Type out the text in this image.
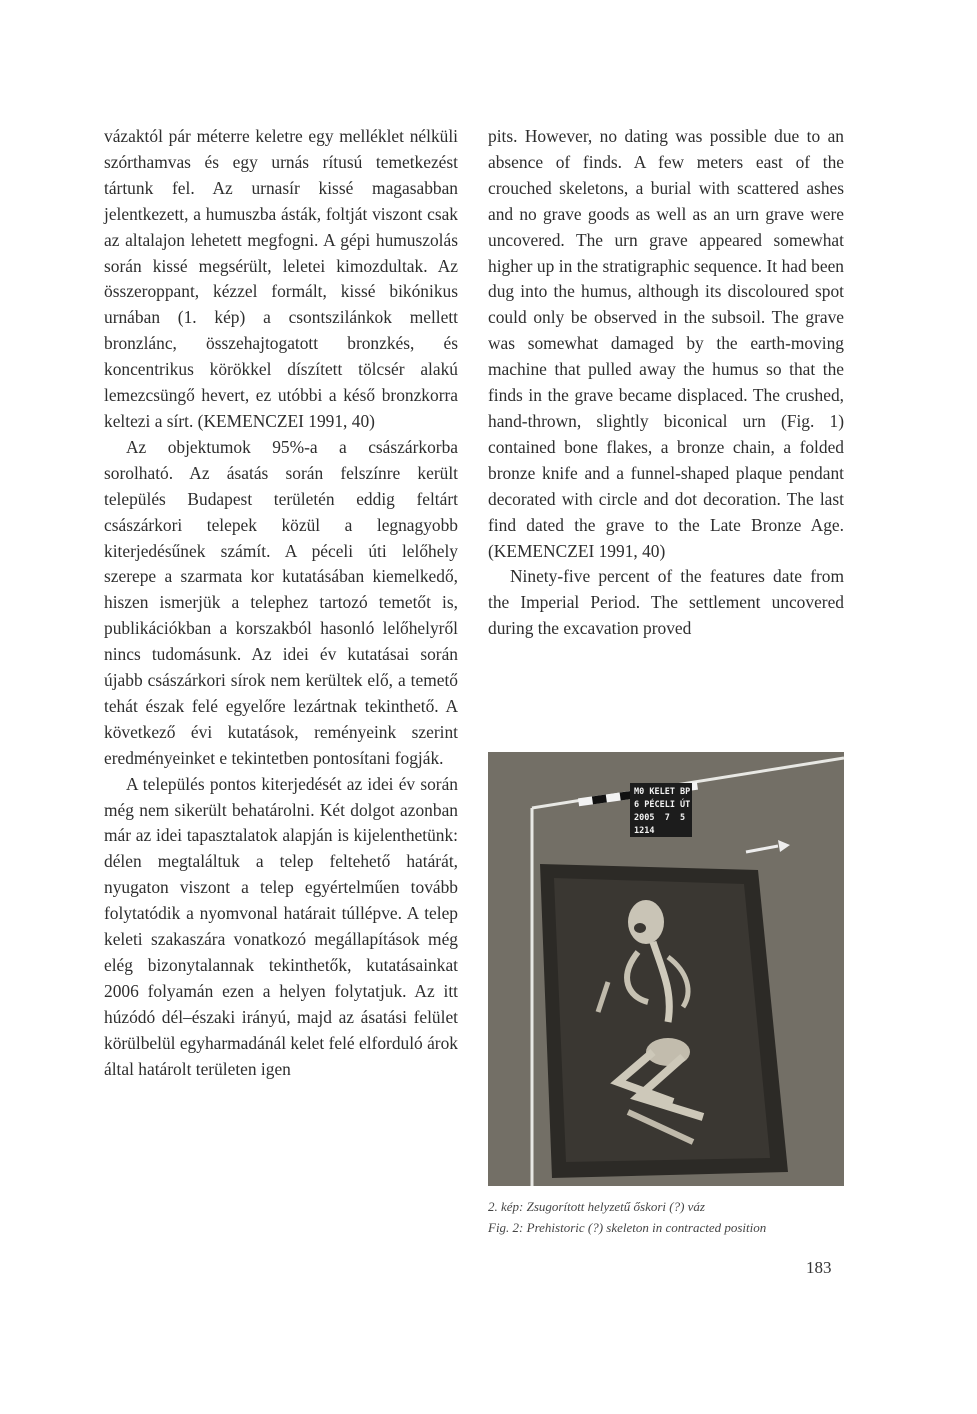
vázaktól pár méterre keletre egy melléklet nélküli szórthamvas és egy urnás rítusú temetkezést tártunk fel. Az urnasír kissé magasabban jelentkezett, a humuszba ásták, foltját viszont csak az altalajon lehetett megfogni. A gépi humuszolás során kissé megsérült, leletei kimozdultak. Az összeroppant, kézzel formált, kissé bikónikus urnában (1. kép) a csontszilánkok mellett bronzlánc, összehajtogatott bronzkés, és koncentrikus körökkel díszített tölcsér alakú lemezcsüngő hevert, ez utóbbi a késő bronzkorra keltezi a sírt. (KEMENCZEI 1991, 40)

Az objektumok 95%-a a császárkorba sorolható. Az ásatás során felszínre került település Budapest területén eddig feltárt császárkori telepek közül a legnagyobb kiterjedésűnek számít. A péceli úti lelőhely szerepe a szarmata kor kutatásában kiemelkedő, hiszen ismerjük a telephez tartozó temetőt is, publikációkban a korszakból hasonló lelőhelyről nincs tudomásunk. Az idei év kutatásai során újabb császárkori sírok nem kerültek elő, a temető tehát észak felé egyelőre lezártnak tekinthető. A következő évi kutatások, reményeink szerint eredményeinket e tekintetben pontosítani fogják.

A település pontos kiterjedését az idei év során még nem sikerült behatárolni. Két dolgot azonban már az idei tapasztalatok alapján is kijelenthetünk: délen megtaláltuk a telep feltehető határát, nyugaton viszont a telep egyértelműen tovább folytatódik a nyomvonal határait túllépve. A telep keleti szakaszára vonatkozó megállapítások még elég bizonytalannak tekinthetők, kutatásainkat 2006 folyamán ezen a helyen folytatjuk. Az itt húzódó dél–északi irányú, majd az ásatási felület körülbelül egyharmadánál kelet felé elforduló árok által határolt területen igen

pits. However, no dating was possible due to an absence of finds. A few meters east of the crouched skeletons, a burial with scattered ashes and no grave goods as well as an urn grave were uncovered. The urn grave appeared somewhat higher up in the stratigraphic sequence. It had been dug into the humus, although its discoloured spot could only be observed in the subsoil. The grave was somewhat damaged by the earth-moving machine that pulled away the humus so that the finds in the grave became displaced. The crushed, hand-thrown, slightly biconical urn (Fig. 1) contained bone flakes, a bronze chain, a folded bronze knife and a funnel-shaped plaque pendant decorated with circle and dot decoration. The last find dated the grave to the Late Bronze Age. (KEMENCZEI 1991, 40)

Ninety-five percent of the features date from the Imperial Period. The settlement uncovered during the excavation proved

M0 KELET BP
6 PÉCELI ÚT
2005  7  5
1214
2. kép: Zsugorított helyzetű őskori (?) váz
Fig. 2: Prehistoric (?) skeleton in contracted position
183
